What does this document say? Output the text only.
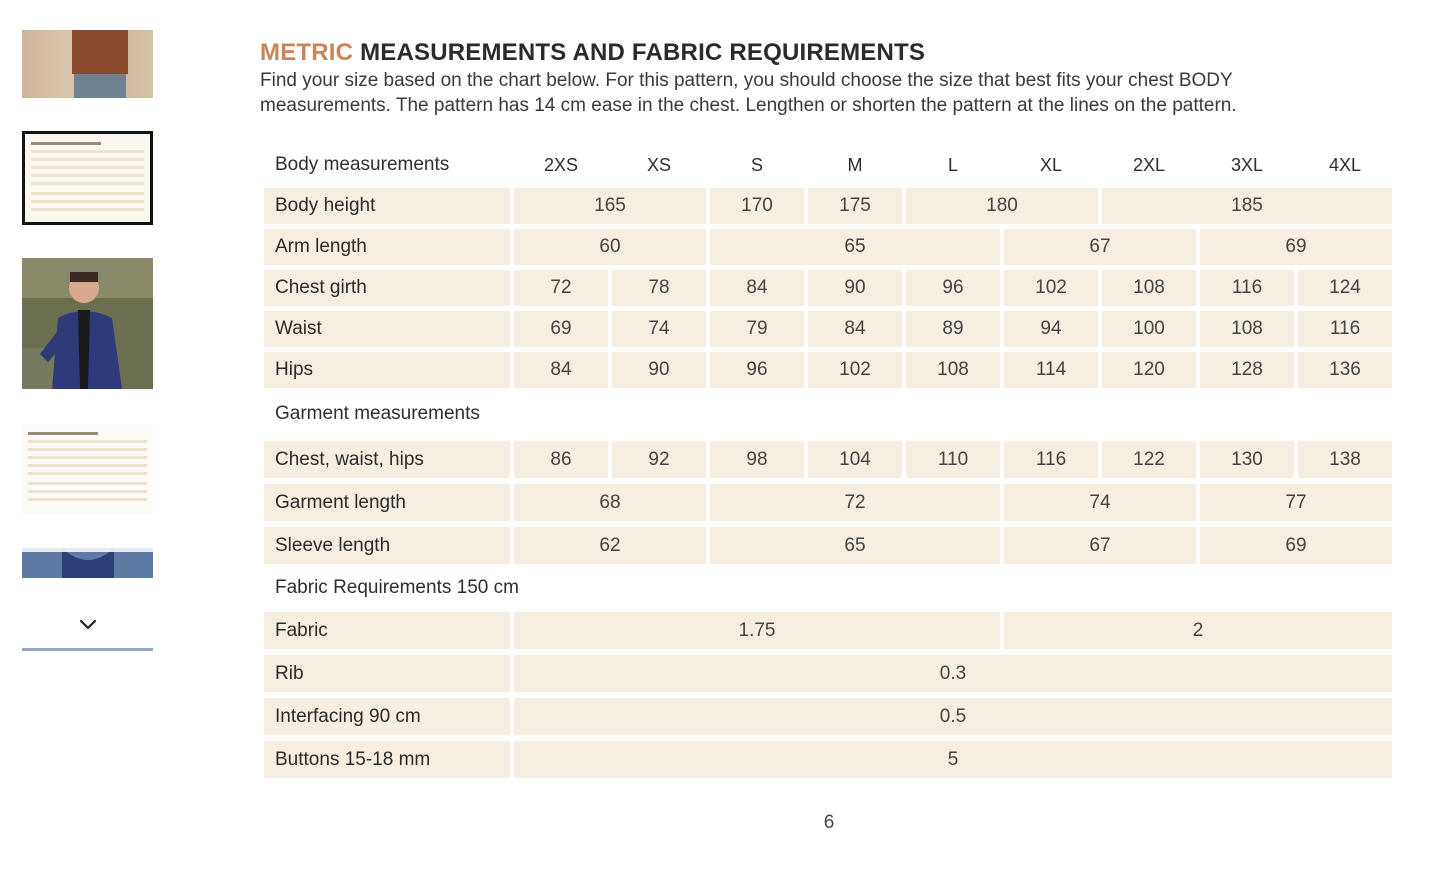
METRIC MEASUREMENTS AND FABRIC REQUIREMENTS

Find your size based on the chart below. For this pattern, you should choose the size that best fits your chest BODY

measurements. The pattern has 14 cm ease in the chest. Lengthen or shorten the pattern at the lines on the pattern.

Body measurements	2XS	XS	S	M	L	XL	2XL	3XL	4XL
Body height	165	170	175	180	185
Arm length	60	65	67	69
Chest girth	72	78	84	90	96	102	108	116	124
Waist	69	74	79	84	89	94	100	108	116
Hips	84	90	96	102	108	114	120	128	136
Garment measurements
Chest, waist, hips	86	92	98	104	110	116	122	130	138
Garment length	68	72	74	77
Sleeve length	62	65	67	69
Fabric Requirements 150 cm
Fabric	1.75	2
Rib	0.3
Interfacing 90 cm	0.5
Buttons 15-18 mm	5
6
